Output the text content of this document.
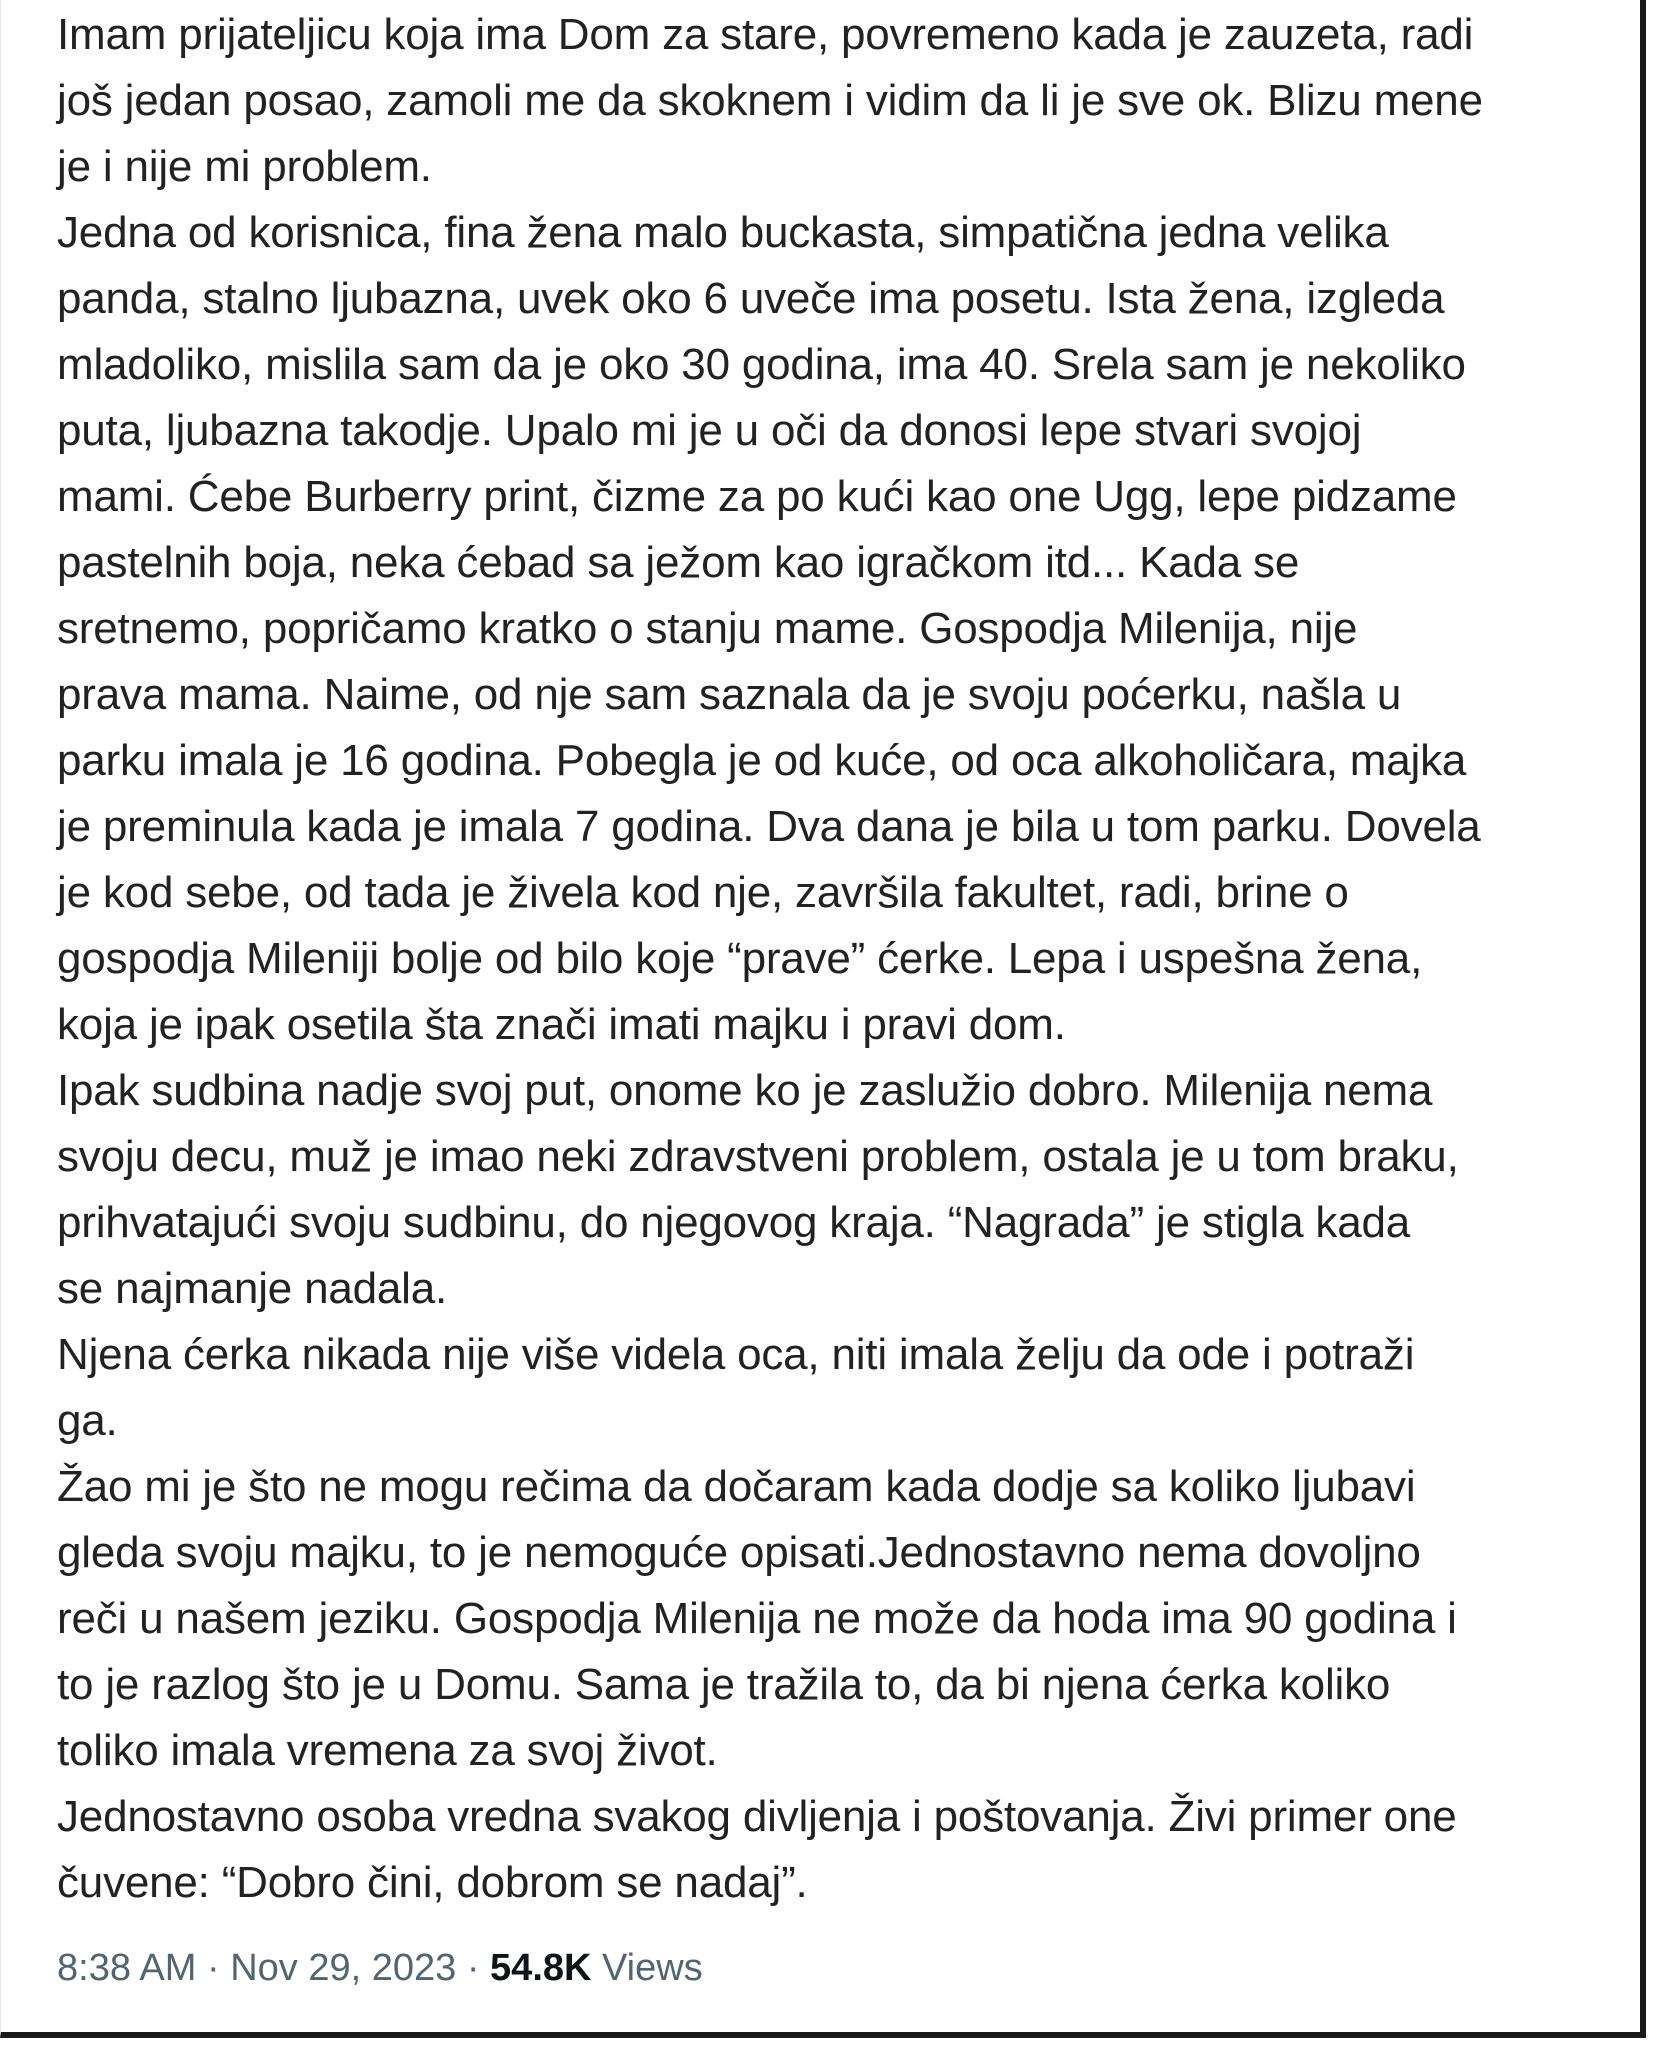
Imam prijateljicu koja ima Dom za stare, povremeno kada je zauzeta, radi
još jedan posao, zamoli me da skoknem i vidim da li je sve ok. Blizu mene
je i nije mi problem.
Jedna od korisnica, fina žena malo buckasta, simpatična jedna velika
panda, stalno ljubazna, uvek oko 6 uveče ima posetu. Ista žena, izgleda
mladoliko, mislila sam da je oko 30 godina, ima 40. Srela sam je nekoliko
puta, ljubazna takodje. Upalo mi je u oči da donosi lepe stvari svojoj
mami. Ćebe Burberry print, čizme za po kući kao one Ugg, lepe pidzame
pastelnih boja, neka ćebad sa ježom kao igračkom itd... Kada se
sretnemo, popričamo kratko o stanju mame. Gospodja Milenija, nije
prava mama. Naime, od nje sam saznala da je svoju poćerku, našla u
parku imala je 16 godina. Pobegla je od kuće, od oca alkoholičara, majka
je preminula kada je imala 7 godina. Dva dana je bila u tom parku. Dovela
je kod sebe, od tada je živela kod nje, završila fakultet, radi, brine o
gospodja Mileniji bolje od bilo koje “prave” ćerke. Lepa i uspešna žena,
koja je ipak osetila šta znači imati majku i pravi dom.
Ipak sudbina nadje svoj put, onome ko je zaslužio dobro. Milenija nema
svoju decu, muž je imao neki zdravstveni problem, ostala je u tom braku,
prihvatajući svoju sudbinu, do njegovog kraja. “Nagrada” je stigla kada
se najmanje nadala.
Njena ćerka nikada nije više videla oca, niti imala želju da ode i potraži
ga.
Žao mi je što ne mogu rečima da dočaram kada dodje sa koliko ljubavi
gleda svoju majku, to je nemoguće opisati.Jednostavno nema dovoljno
reči u našem jeziku. Gospodja Milenija ne može da hoda ima 90 godina i
to je razlog što je u Domu. Sama je tražila to, da bi njena ćerka koliko
toliko imala vremena za svoj život.
Jednostavno osoba vredna svakog divljenja i poštovanja. Živi primer one
čuvene: “Dobro čini, dobrom se nadaj”.
8:38 AM · Nov 29, 2023 · 54.8K Views
